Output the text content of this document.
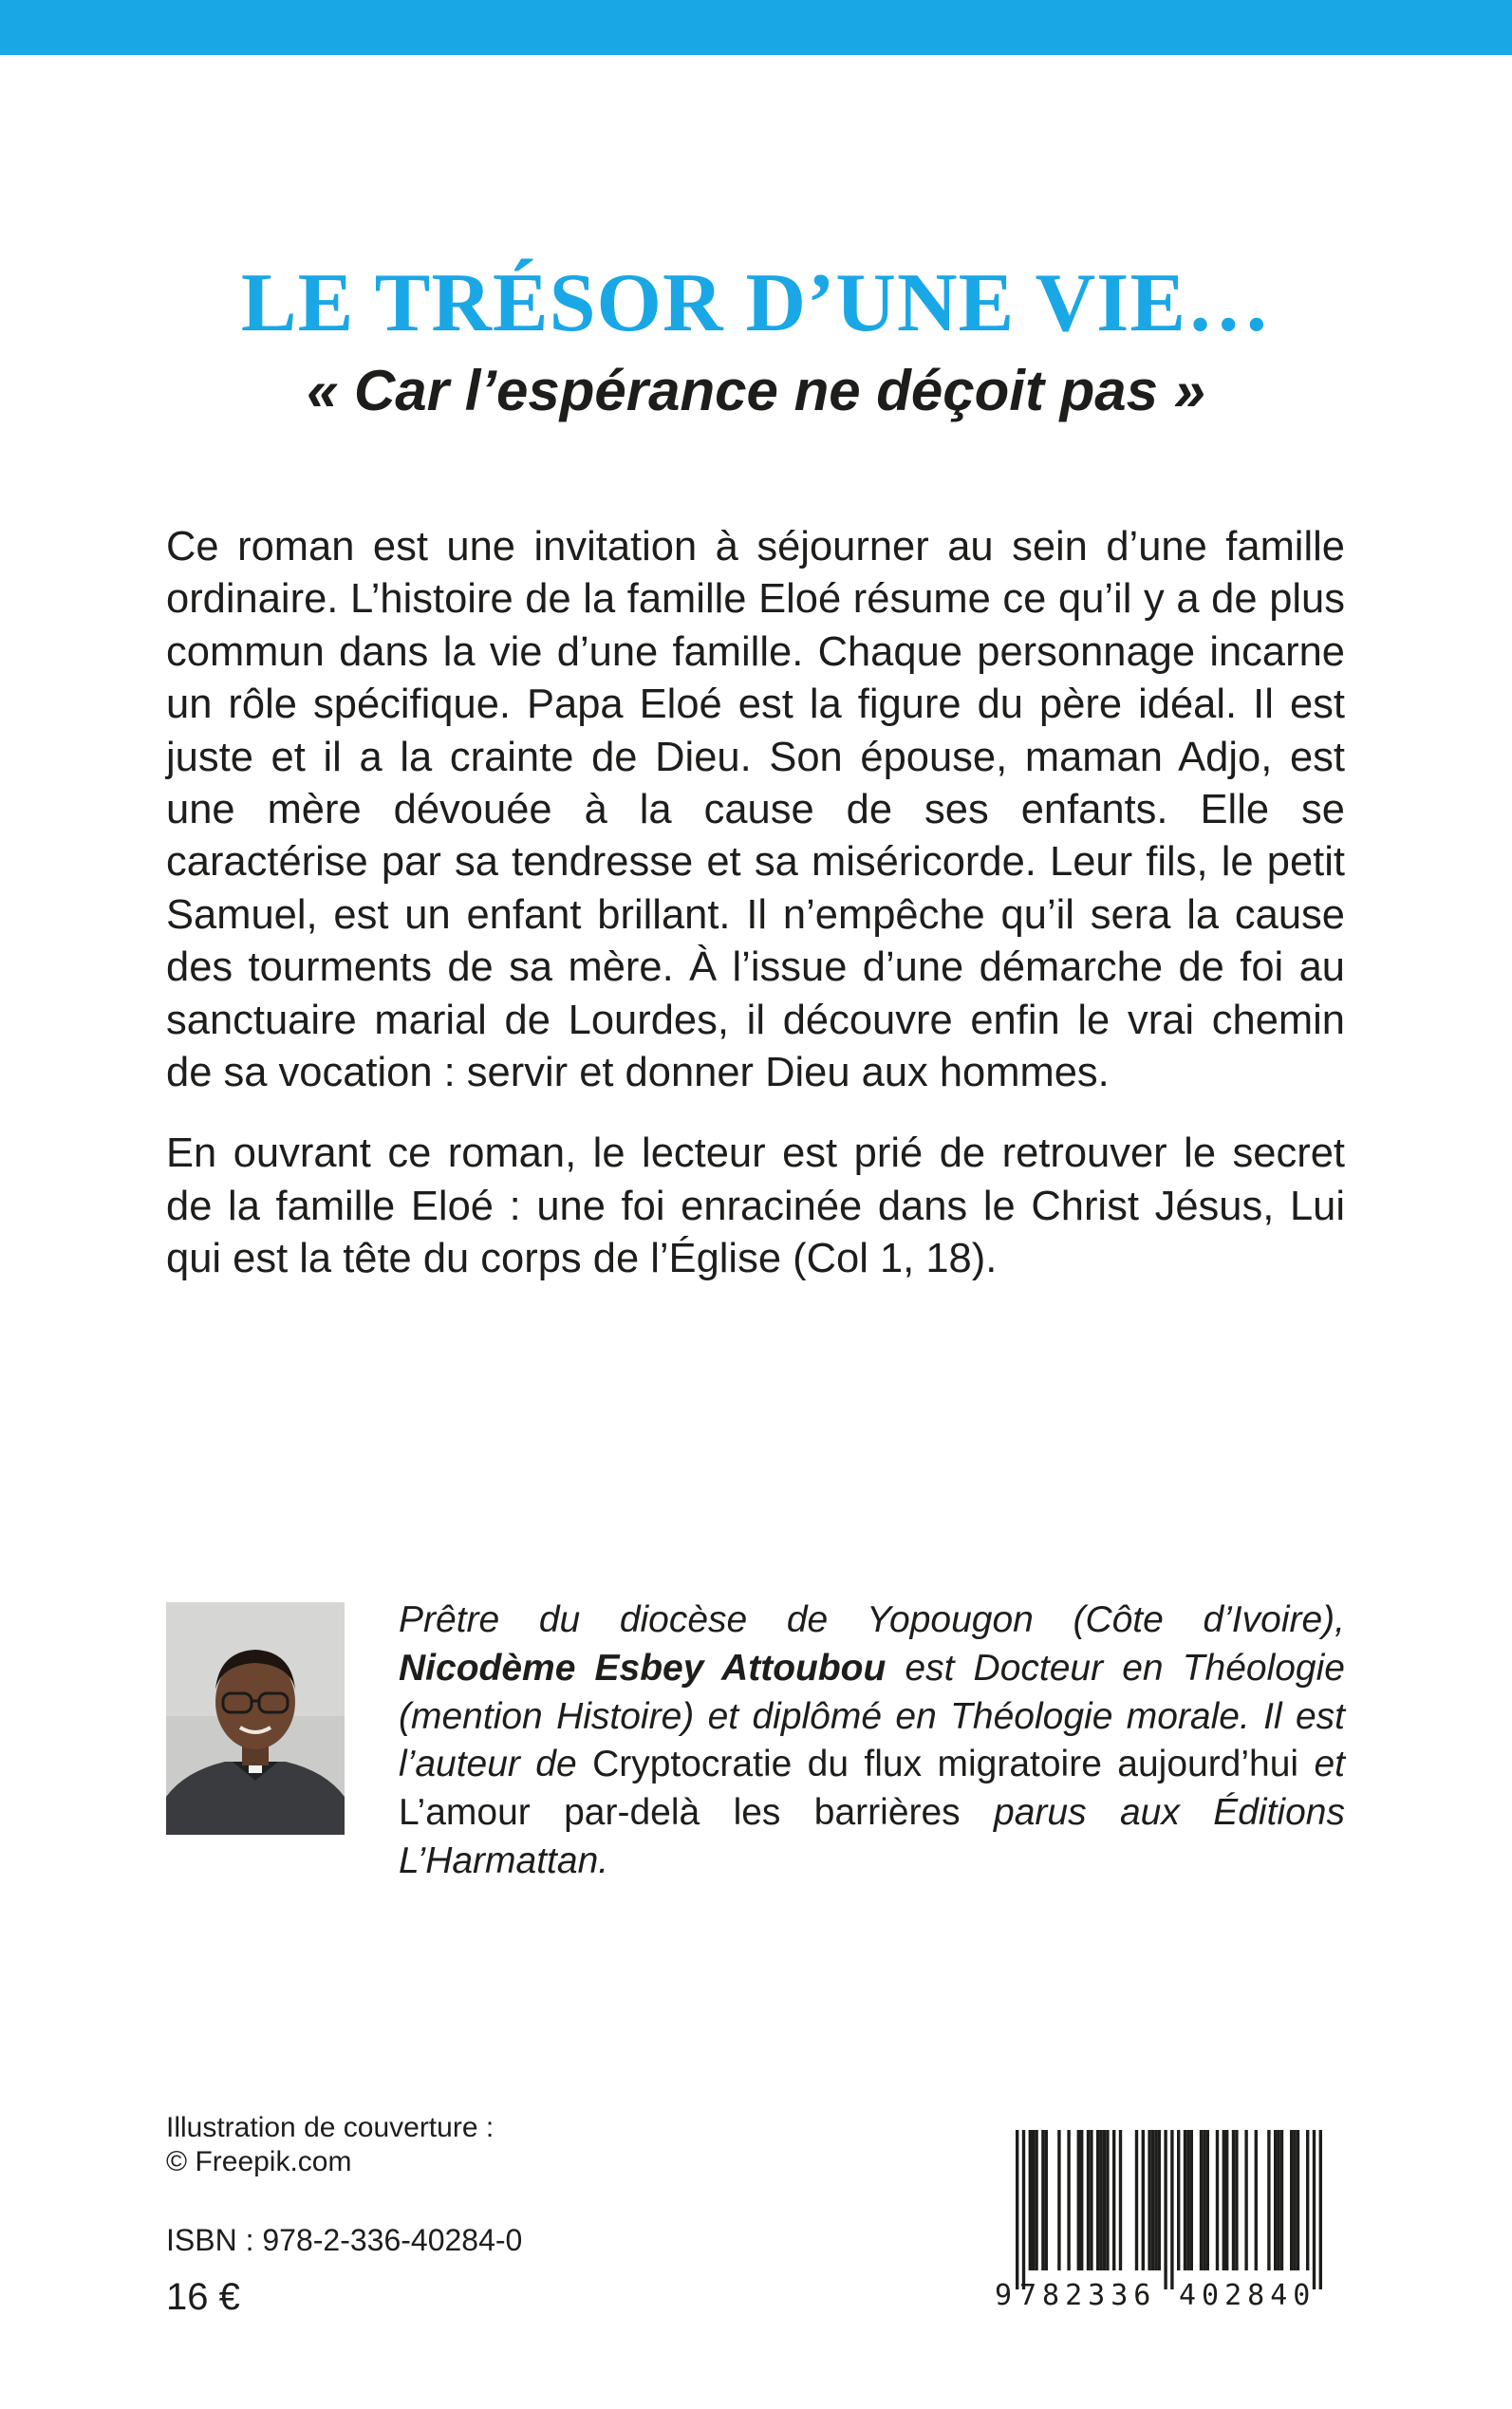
LE TRÉSOR D’UNE VIE…
« Car l’espérance ne déçoit pas »

Ce roman est une invitation à séjourner au sein d’une famille ordinaire. L’histoire de la famille Eloé résume ce qu’il y a de plus commun dans la vie d’une famille. Chaque personnage incarne un rôle spécifique. Papa Eloé est la figure du père idéal. Il est juste et il a la crainte de Dieu. Son épouse, maman Adjo, est une mère dévouée à la cause de ses enfants. Elle se caractérise par sa tendresse et sa miséricorde. Leur fils, le petit Samuel, est un enfant brillant. Il n’empêche qu’il sera la cause des tourments de sa mère. À l’issue d’une démarche de foi au sanctuaire marial de Lourdes, il découvre enfin le vrai chemin de sa vocation : servir et donner Dieu aux hommes.

En ouvrant ce roman, le lecteur est prié de retrouver le secret de la famille Eloé : une foi enracinée dans le Christ Jésus, Lui qui est la tête du corps de l’Église (Col 1, 18).

Prêtre du diocèse de Yopougon (Côte d’Ivoire), Nicodème Esbey Attoubou est Docteur en Théologie (mention Histoire) et diplômé en Théologie morale. Il est l’auteur de Cryptocratie du flux migratoire aujourd’hui et L’amour par-delà les barrières parus aux Éditions L’Harmattan.

Illustration de couverture :
© Freepik.com
ISBN : 978-2-336-40284-0
16 €	9 782336 402840
